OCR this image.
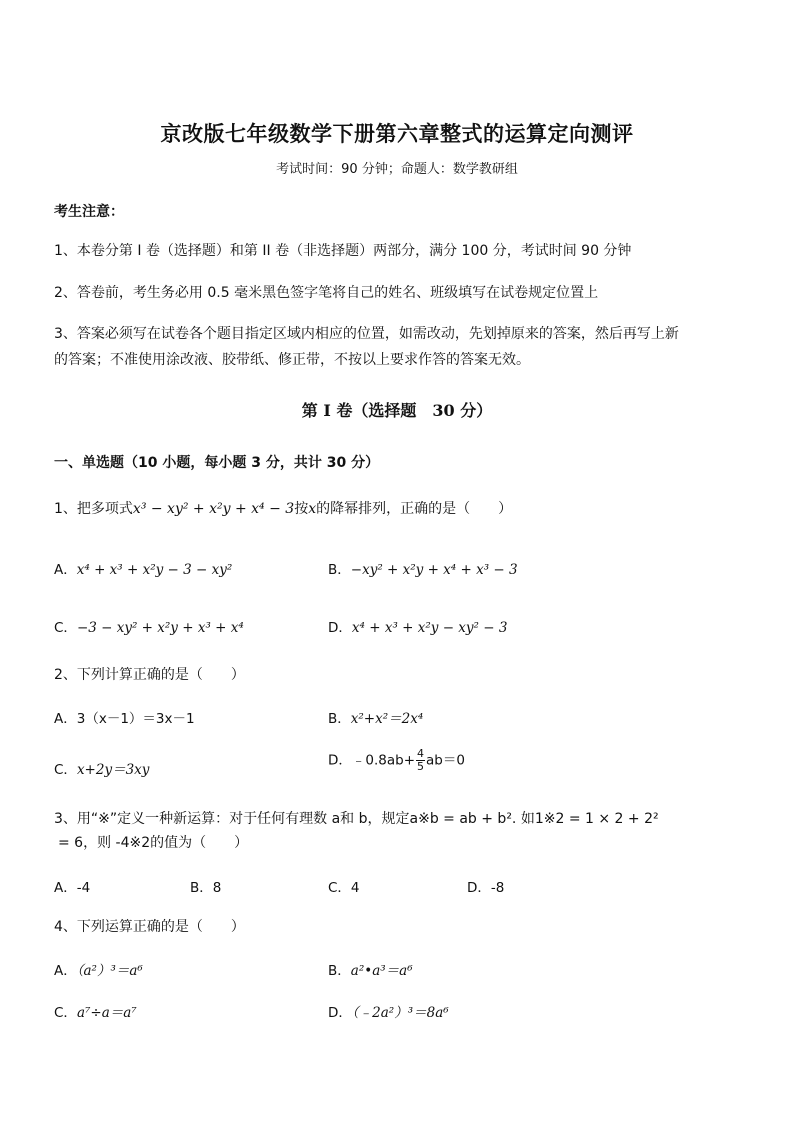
京改版七年级数学下册第六章整式的运算定向测评
考试时间：90 分钟；命题人：数学教研组
考生注意：
1、本卷分第 I 卷（选择题）和第 II 卷（非选择题）两部分，满分 100 分，考试时间 90 分钟
2、答卷前，考生务必用 0.5 毫米黑色签字笔将自己的姓名、班级填写在试卷规定位置上
3、答案必须写在试卷各个题目指定区域内相应的位置，如需改动，先划掉原来的答案，然后再写上新
的答案；不准使用涂改液、胶带纸、修正带，不按以上要求作答的答案无效。
第 I 卷（选择题　30 分）
一、单选题（10 小题，每小题 3 分，共计 30 分）
1、把多项式x³ − xy² + x²y + x⁴ − 3按x的降幂排列，正确的是（　　）
A．x⁴ + x³ + x²y − 3 − xy²	B．−xy² + x²y + x⁴ + x³ − 3
C．−3 − xy² + x²y + x³ + x⁴	D．x⁴ + x³ + x²y − xy² − 3
2、下列计算正确的是（　　）
A．3（x－1）＝3x－1	B．x²+x²＝2x⁴
C．x+2y＝3xy
D．﹣0.8ab+ $\frac{4}{5} ab=0$
3、用“※”定义一种新运算：对于任何有理数 a和 b，规定a※b = ab + b². 如1※2 = 1 × 2 + 2²
= 6，则 -4※2的值为（　　）
A．-4	B．8	C．4	D．-8
4、下列运算正确的是（　　）
A．（a²）³＝a⁶	B．a²•a³＝a⁶
C．a⁷÷a＝a⁷	D．（﹣2a²）³＝8a⁶
